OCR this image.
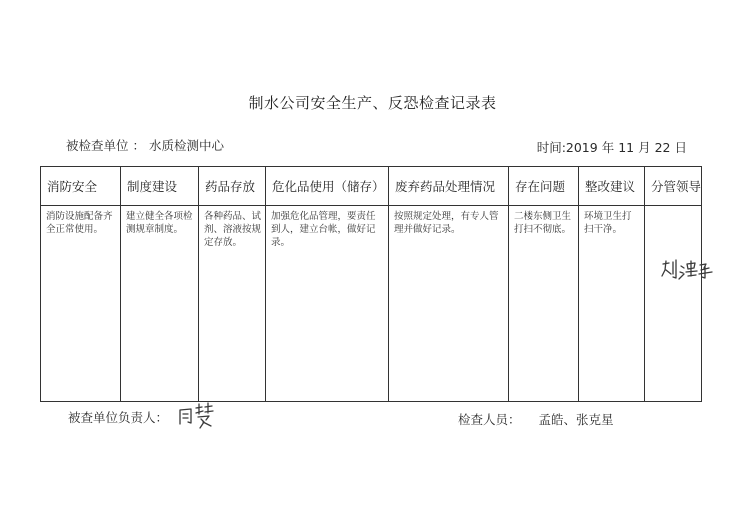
制水公司安全生产、反恐检查记录表
被检查单位 ： 水质检测中心	时间:2019 年 11 月 22 日
消防安全	制度建设	药品存放	危化品使用（储存）	废弃药品处理情况	存在问题	整改建议	分管领导

消防设施配备齐全正常使用。	建立健全各项检测规章制度。	各种药品、试剂、溶液按规定存放。	加强危化品管理，要责任到人，建立台帐，做好记录。	按照规定处理，有专人管理并做好记录。	二楼东侧卫生打扫不彻底。	环境卫生打扫干净。	

被查单位负责人：	检查人员： 孟皓、张克星
